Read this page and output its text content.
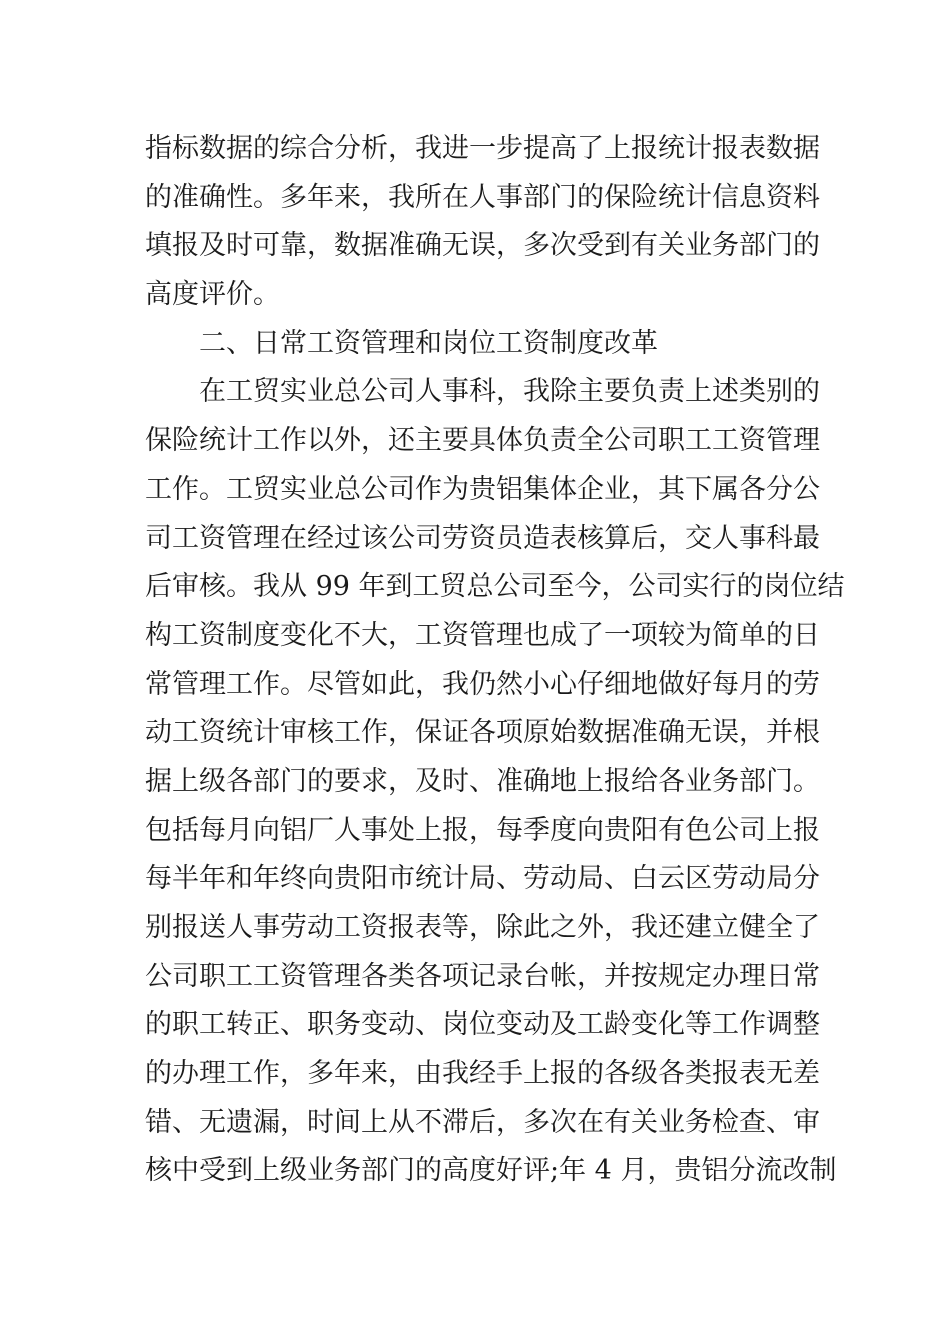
指标数据的综合分析，我进一步提高了上报统计报表数据
的准确性。多年来，我所在人事部门的保险统计信息资料
填报及时可靠，数据准确无误，多次受到有关业务部门的
高度评价。
二、日常工资管理和岗位工资制度改革
在工贸实业总公司人事科，我除主要负责上述类别的
保险统计工作以外，还主要具体负责全公司职工工资管理
工作。工贸实业总公司作为贵铝集体企业，其下属各分公
司工资管理在经过该公司劳资员造表核算后，交人事科最
后审核。我从 99 年到工贸总公司至今，公司实行的岗位结
构工资制度变化不大，工资管理也成了一项较为简单的日
常管理工作。尽管如此，我仍然小心仔细地做好每月的劳
动工资统计审核工作，保证各项原始数据准确无误，并根
据上级各部门的要求，及时、准确地上报给各业务部门。
包括每月向铝厂人事处上报，每季度向贵阳有色公司上报
每半年和年终向贵阳市统计局、劳动局、白云区劳动局分
别报送人事劳动工资报表等，除此之外，我还建立健全了
公司职工工资管理各类各项记录台帐，并按规定办理日常
的职工转正、职务变动、岗位变动及工龄变化等工作调整
的办理工作，多年来，由我经手上报的各级各类报表无差
错、无遗漏，时间上从不滞后，多次在有关业务检查、审
核中受到上级业务部门的高度好评;年 4 月，贵铝分流改制
